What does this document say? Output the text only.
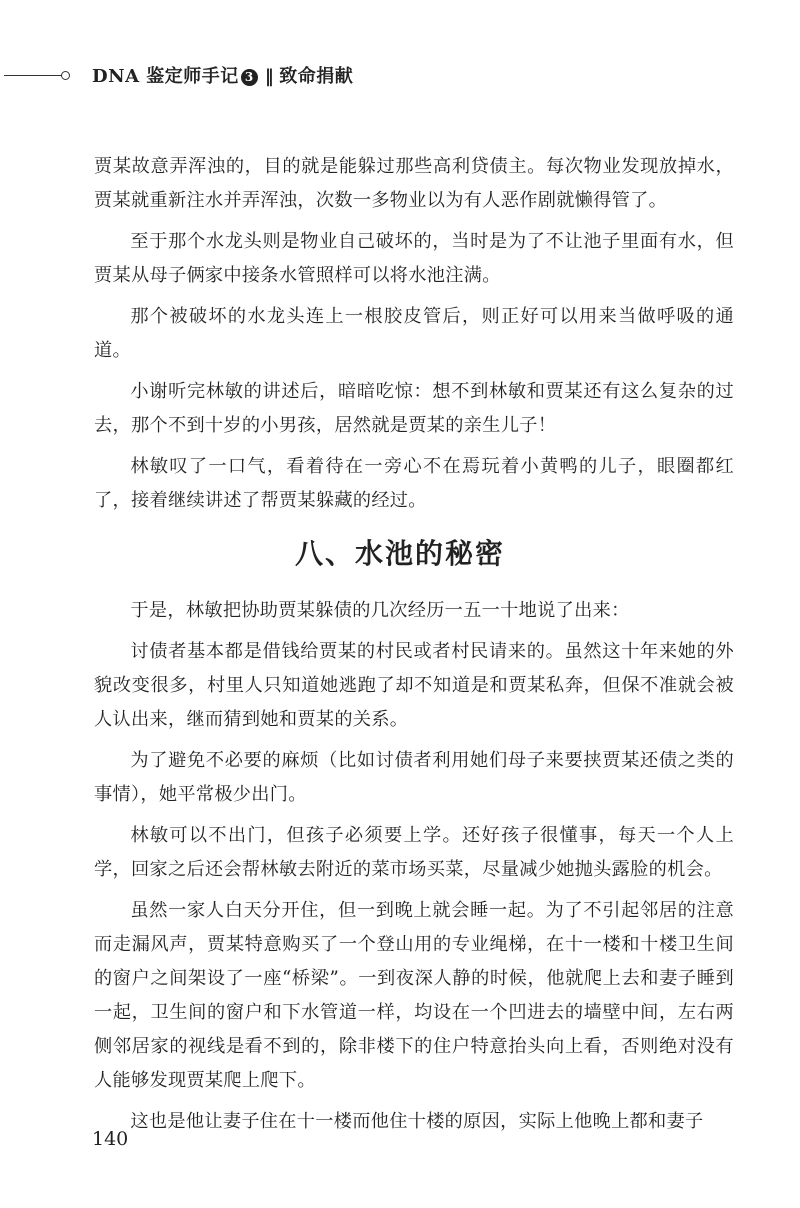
DNA 鉴定师手记 3 ‖ 致命捐献

贾某故意弄浑浊的，目的就是能躲过那些高利贷债主。每次物业发现放掉水，贾某就重新注水并弄浑浊，次数一多物业以为有人恶作剧就懒得管了。

至于那个水龙头则是物业自己破坏的，当时是为了不让池子里面有水，但贾某从母子俩家中接条水管照样可以将水池注满。

那个被破坏的水龙头连上一根胶皮管后，则正好可以用来当做呼吸的通道。

小谢听完林敏的讲述后，暗暗吃惊：想不到林敏和贾某还有这么复杂的过去，那个不到十岁的小男孩，居然就是贾某的亲生儿子！

林敏叹了一口气，看着待在一旁心不在焉玩着小黄鸭的儿子，眼圈都红了，接着继续讲述了帮贾某躲藏的经过。

八、水池的秘密

于是，林敏把协助贾某躲债的几次经历一五一十地说了出来：

讨债者基本都是借钱给贾某的村民或者村民请来的。虽然这十年来她的外貌改变很多，村里人只知道她逃跑了却不知道是和贾某私奔，但保不准就会被人认出来，继而猜到她和贾某的关系。

为了避免不必要的麻烦（比如讨债者利用她们母子来要挟贾某还债之类的事情），她平常极少出门。

林敏可以不出门，但孩子必须要上学。还好孩子很懂事，每天一个人上学，回家之后还会帮林敏去附近的菜市场买菜，尽量减少她抛头露脸的机会。

虽然一家人白天分开住，但一到晚上就会睡一起。为了不引起邻居的注意而走漏风声，贾某特意购买了一个登山用的专业绳梯，在十一楼和十楼卫生间的窗户之间架设了一座“桥梁”。一到夜深人静的时候，他就爬上去和妻子睡到一起，卫生间的窗户和下水管道一样，均设在一个凹进去的墙壁中间，左右两侧邻居家的视线是看不到的，除非楼下的住户特意抬头向上看，否则绝对没有人能够发现贾某爬上爬下。

这也是他让妻子住在十一楼而他住十楼的原因，实际上他晚上都和妻子

140
